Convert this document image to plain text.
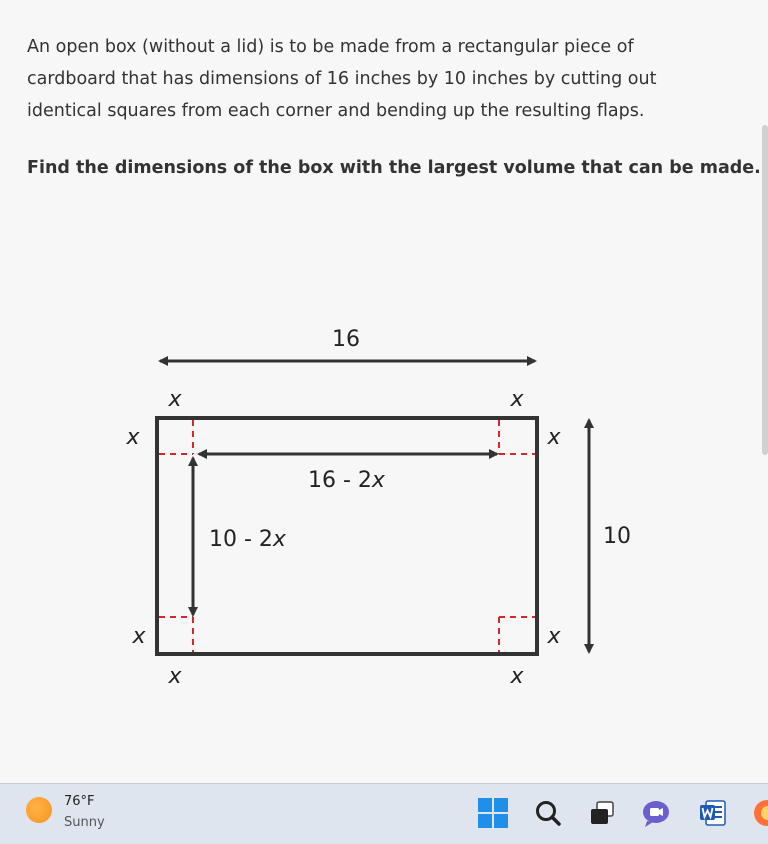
An open box (without a lid) is to be made from a rectangular piece of
cardboard that has dimensions of 16 inches by 10 inches by cutting out
identical squares from each corner and bending up the resulting flaps.
Find the dimensions of the box with the largest volume that can be made.
16
10
16 - 2x
10 - 2x
x	x
x	x
x	x
x	x
76°F
Sunny
